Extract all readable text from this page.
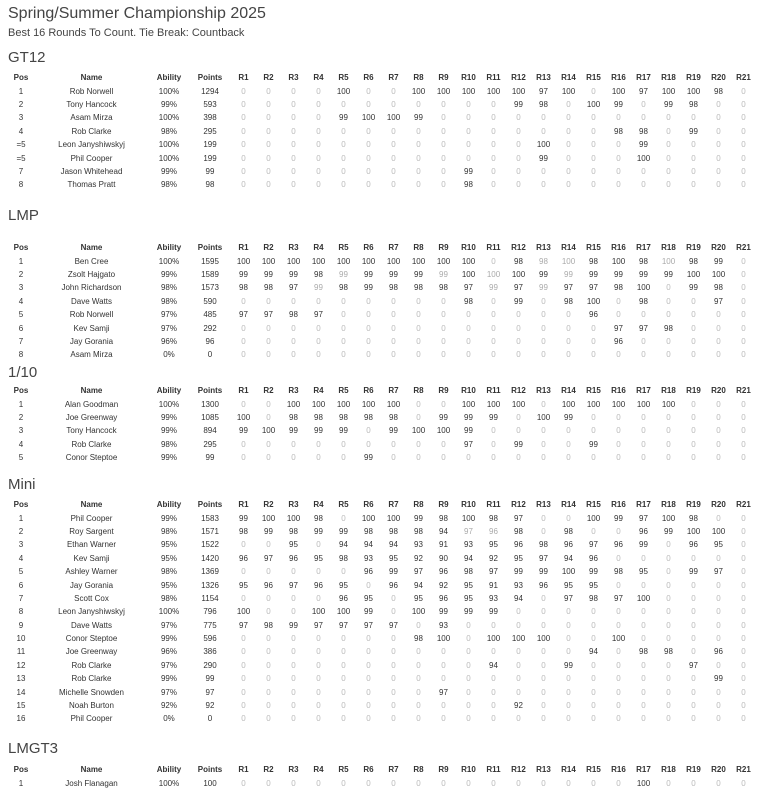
Spring/Summer Championship 2025
Best 16 Rounds To Count. Tie Break: Countback
GT12
Pos	Name	Ability	Points	R1	R2	R3	R4	R5	R6	R7	R8	R9	R10	R11	R12	R13	R14	R15	R16	R17	R18	R19	R20	R21
1	Rob Norwell	100%	1294	0	0	0	0	100	0	0	100	100	100	100	100	97	100	0	100	97	100	100	98	0
2	Tony Hancock	99%	593	0	0	0	0	0	0	0	0	0	0	0	99	98	0	100	99	0	99	98	0	0
3	Asam Mirza	100%	398	0	0	0	0	99	100	100	99	0	0	0	0	0	0	0	0	0	0	0	0	0
4	Rob Clarke	98%	295	0	0	0	0	0	0	0	0	0	0	0	0	0	0	0	98	98	0	99	0	0
=5	Leon Janyshiwskyj	100%	199	0	0	0	0	0	0	0	0	0	0	0	0	100	0	0	0	99	0	0	0	0
=5	Phil Cooper	100%	199	0	0	0	0	0	0	0	0	0	0	0	0	99	0	0	0	100	0	0	0	0
7	Jason Whitehead	99%	99	0	0	0	0	0	0	0	0	0	99	0	0	0	0	0	0	0	0	0	0	0
8	Thomas Pratt	98%	98	0	0	0	0	0	0	0	0	0	98	0	0	0	0	0	0	0	0	0	0	0
LMP
Pos	Name	Ability	Points	R1	R2	R3	R4	R5	R6	R7	R8	R9	R10	R11	R12	R13	R14	R15	R16	R17	R18	R19	R20	R21
1	Ben Cree	100%	1595	100	100	100	100	100	100	100	100	100	100	0	98	98	100	98	100	98	100	98	99	0
2	Zsolt Hajgato	99%	1589	99	99	99	98	99	99	99	99	99	100	100	100	99	99	99	99	99	99	100	100	0
3	John Richardson	98%	1573	98	98	97	99	98	99	98	98	98	97	99	97	99	97	97	98	100	0	99	98	0
4	Dave Watts	98%	590	0	0	0	0	0	0	0	0	0	98	0	99	0	98	100	0	98	0	0	97	0
5	Rob Norwell	97%	485	97	97	98	97	0	0	0	0	0	0	0	0	0	0	96	0	0	0	0	0	0
6	Kev Samji	97%	292	0	0	0	0	0	0	0	0	0	0	0	0	0	0	0	97	97	98	0	0	0
7	Jay Gorania	96%	96	0	0	0	0	0	0	0	0	0	0	0	0	0	0	0	96	0	0	0	0	0
8	Asam Mirza	0%	0	0	0	0	0	0	0	0	0	0	0	0	0	0	0	0	0	0	0	0	0	0
1/10
Pos	Name	Ability	Points	R1	R2	R3	R4	R5	R6	R7	R8	R9	R10	R11	R12	R13	R14	R15	R16	R17	R18	R19	R20	R21
1	Alan Goodman	100%	1300	0	0	100	100	100	100	100	0	0	100	100	100	0	100	100	100	100	100	0	0	0
2	Joe Greenway	99%	1085	100	0	98	98	98	98	98	0	99	99	99	0	100	99	0	0	0	0	0	0	0
3	Tony Hancock	99%	894	99	100	99	99	99	0	99	100	100	99	0	0	0	0	0	0	0	0	0	0	0
4	Rob Clarke	98%	295	0	0	0	0	0	0	0	0	0	97	0	99	0	0	99	0	0	0	0	0	0
5	Conor Steptoe	99%	99	0	0	0	0	0	99	0	0	0	0	0	0	0	0	0	0	0	0	0	0	0
Mini
Pos	Name	Ability	Points	R1	R2	R3	R4	R5	R6	R7	R8	R9	R10	R11	R12	R13	R14	R15	R16	R17	R18	R19	R20	R21
1	Phil Cooper	99%	1583	99	100	100	98	0	100	100	99	98	100	98	97	0	0	100	99	97	100	98	0	0
2	Roy Sargent	98%	1571	98	99	98	99	99	98	98	98	94	97	96	98	0	98	0	0	96	99	100	100	0
3	Ethan Warner	95%	1522	0	0	95	0	94	94	94	93	91	93	95	96	98	96	97	96	99	0	96	95	0
4	Kev Samji	95%	1420	96	97	96	95	98	93	95	92	90	94	92	95	97	94	96	0	0	0	0	0	0
5	Ashley Warner	98%	1369	0	0	0	0	0	96	99	97	96	98	97	99	99	100	99	98	95	0	99	97	0
6	Jay Gorania	95%	1326	95	96	97	96	95	0	96	94	92	95	91	93	96	95	95	0	0	0	0	0	0
7	Scott Cox	98%	1154	0	0	0	0	96	95	0	95	96	95	93	94	0	97	98	97	100	0	0	0	0
8	Leon Janyshiwskyj	100%	796	100	0	0	100	100	99	0	100	99	99	99	0	0	0	0	0	0	0	0	0	0
9	Dave Watts	97%	775	97	98	99	97	97	97	97	0	93	0	0	0	0	0	0	0	0	0	0	0	0
10	Conor Steptoe	99%	596	0	0	0	0	0	0	0	98	100	0	100	100	100	0	0	100	0	0	0	0	0
11	Joe Greenway	96%	386	0	0	0	0	0	0	0	0	0	0	0	0	0	0	94	0	98	98	0	96	0
12	Rob Clarke	97%	290	0	0	0	0	0	0	0	0	0	0	94	0	0	99	0	0	0	0	97	0	0
13	Rob Clarke	99%	99	0	0	0	0	0	0	0	0	0	0	0	0	0	0	0	0	0	0	0	99	0
14	Michelle Snowden	97%	97	0	0	0	0	0	0	0	0	97	0	0	0	0	0	0	0	0	0	0	0	0
15	Noah Burton	92%	92	0	0	0	0	0	0	0	0	0	0	0	92	0	0	0	0	0	0	0	0	0
16	Phil Cooper	0%	0	0	0	0	0	0	0	0	0	0	0	0	0	0	0	0	0	0	0	0	0	0
LMGT3
Pos	Name	Ability	Points	R1	R2	R3	R4	R5	R6	R7	R8	R9	R10	R11	R12	R13	R14	R15	R16	R17	R18	R19	R20	R21
1	Josh Flanagan	100%	100	0	0	0	0	0	0	0	0	0	0	0	0	0	0	0	0	100	0	0	0	0
